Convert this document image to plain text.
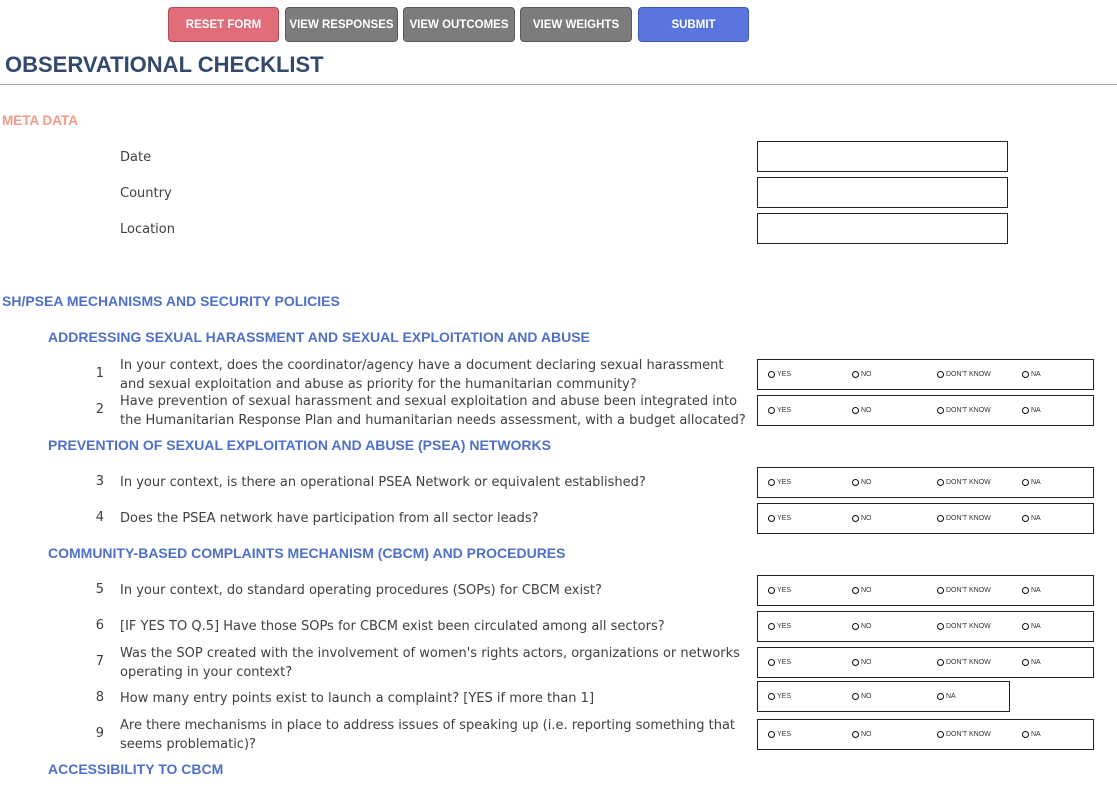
RESET FORM	VIEW RESPONSES	VIEW OUTCOMES	VIEW WEIGHTS	SUBMIT
OBSERVATIONAL CHECKLIST
META DATA
Date
Country
Location
SH/PSEA MECHANISMS AND SECURITY POLICIES
ADDRESSING SEXUAL HARASSMENT AND SEXUAL EXPLOITATION AND ABUSE
PREVENTION OF SEXUAL EXPLOITATION AND ABUSE (PSEA) NETWORKS
COMMUNITY-BASED COMPLAINTS MECHANISM (CBCM) AND PROCEDURES
ACCESSIBILITY TO CBCM
1
In your context, does the coordinator/agency have a document declaring sexual harassment and sexual exploitation and abuse as priority for the humanitarian community?
YES	NO	DON'T KNOW	NA
2
Have prevention of sexual harassment and sexual exploitation and abuse been integrated into the Humanitarian Response Plan and humanitarian needs assessment, with a budget allocated?
YES	NO	DON'T KNOW	NA
3 In your context, is there an operational PSEA Network or equivalent established?	YES	NO	DON'T KNOW	NA
4 Does the PSEA network have participation from all sector leads?	YES	NO	DON'T KNOW	NA
5 In your context, do standard operating procedures (SOPs) for CBCM exist?	YES	NO	DON'T KNOW	NA
6 [IF YES TO Q.5] Have those SOPs for CBCM exist been circulated among all sectors?	YES	NO	DON'T KNOW	NA
7
Was the SOP created with the involvement of women's rights actors, organizations or networks operating in your context?
YES	NO	DON'T KNOW	NA
8 How many entry points exist to launch a complaint? [YES if more than 1]	YES	NO	NA
9
Are there mechanisms in place to address issues of speaking up (i.e. reporting something that seems problematic)?
YES	NO	DON'T KNOW	NA
